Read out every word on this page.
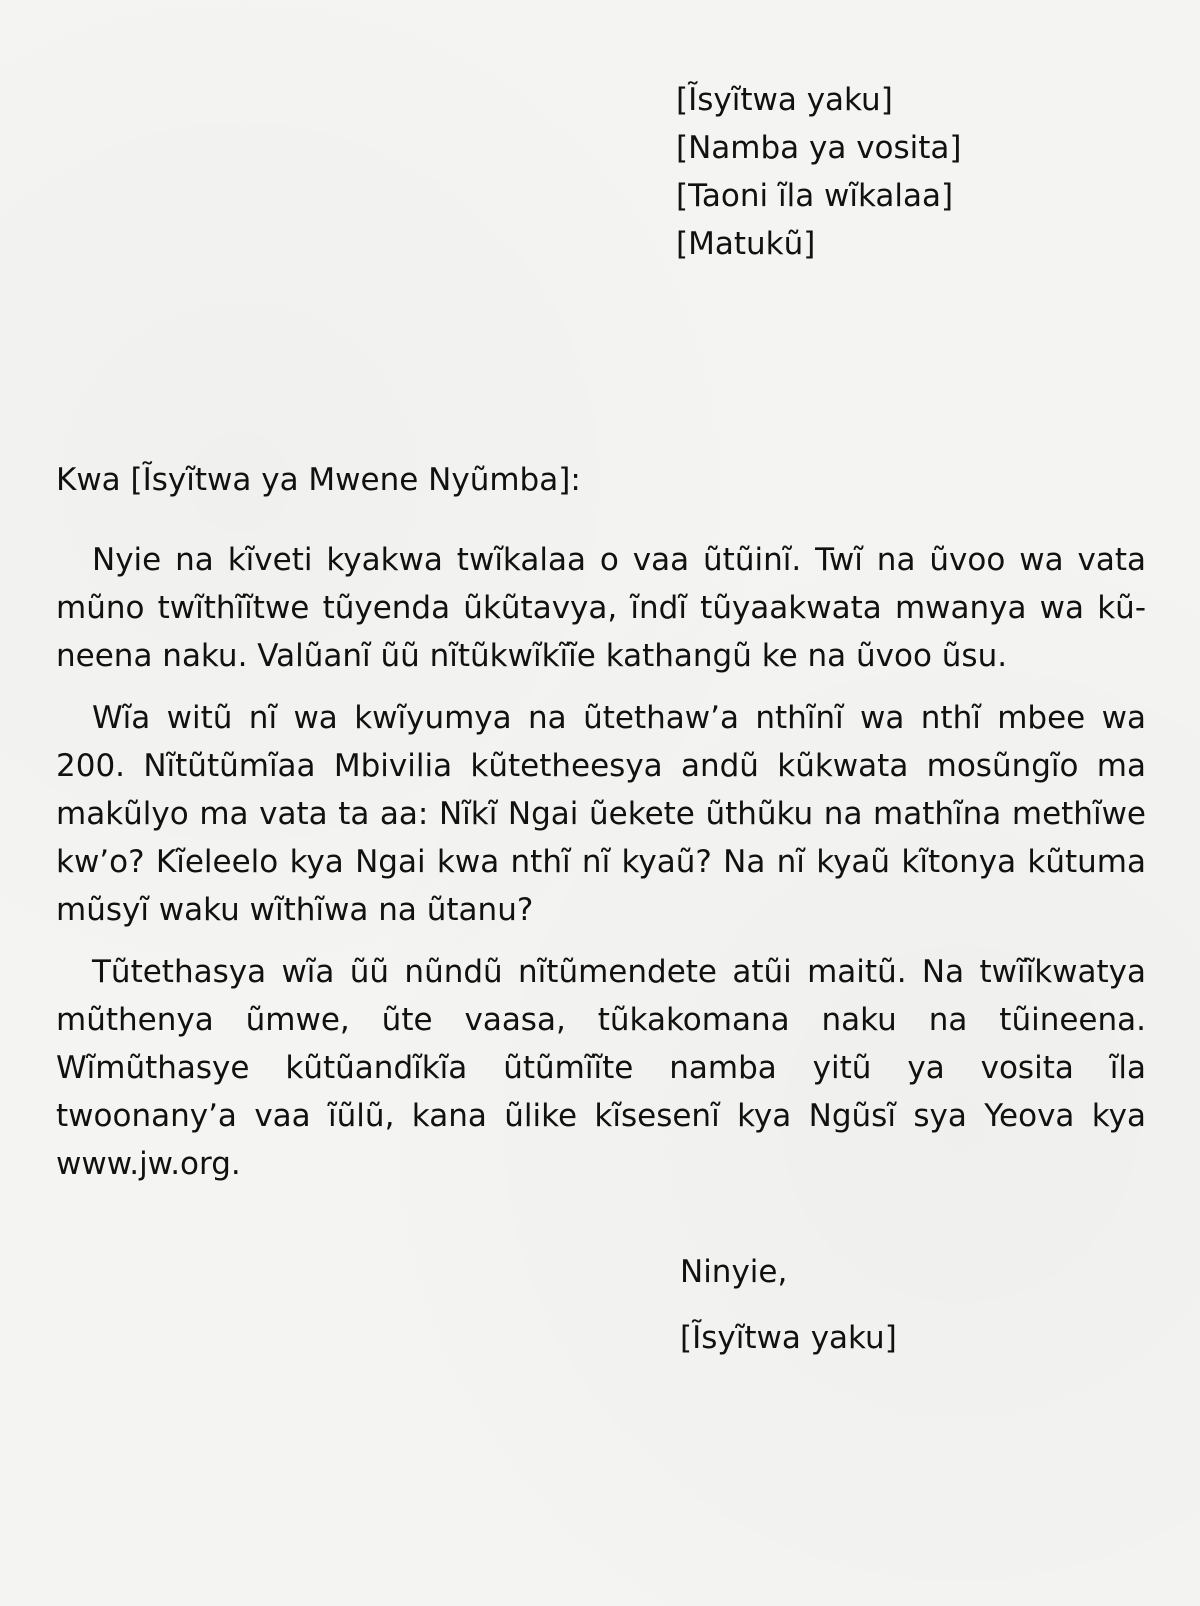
[Ĩsyĩtwa yaku]
[Namba ya vosita]
[Taoni ĩla wĩkalaa]
[Matukũ]
Kwa [Ĩsyĩtwa ya Mwene Nyũmba]:

Nyie na kĩveti kyakwa twĩkalaa o vaa ũtũinĩ. Twĩ na ũvoo wa vata mũno twĩthĩĩtwe tũyenda ũkũtavya, ĩndĩ tũyaakwata mwanya wa kũneena naku. Valũanĩ ũũ nĩtũkwĩkĩĩe kathangũ ke na ũvoo ũsu.

Wĩa witũ nĩ wa kwĩyumya na ũtethaw’a nthĩnĩ wa nthĩ mbee wa 200. Nĩtũtũmĩaa Mbivilia kũtetheesya andũ kũkwata mosũngĩo ma makũlyo ma vata ta aa: Nĩkĩ Ngai ũekete ũthũku na mathĩna methĩwe kw’o? Kĩeleelo kya Ngai kwa nthĩ nĩ kyaũ? Na nĩ kyaũ kĩtonya kũtuma mũsyĩ waku wĩthĩwa na ũtanu?

Tũtethasya wĩa ũũ nũndũ nĩtũmendete atũi maitũ. Na twĩĩkwatya mũthenya ũmwe, ũte vaasa, tũkakomana naku na tũineena. Wĩmũthasye kũtũandĩkĩa ũtũmĩĩte namba yitũ ya vosita ĩla twoonany’a vaa ĩũlũ, kana ũlike kĩsesenĩ kya Ngũsĩ sya Yeova kya www.jw.org.

Ninyie,
[Ĩsyĩtwa yaku]
